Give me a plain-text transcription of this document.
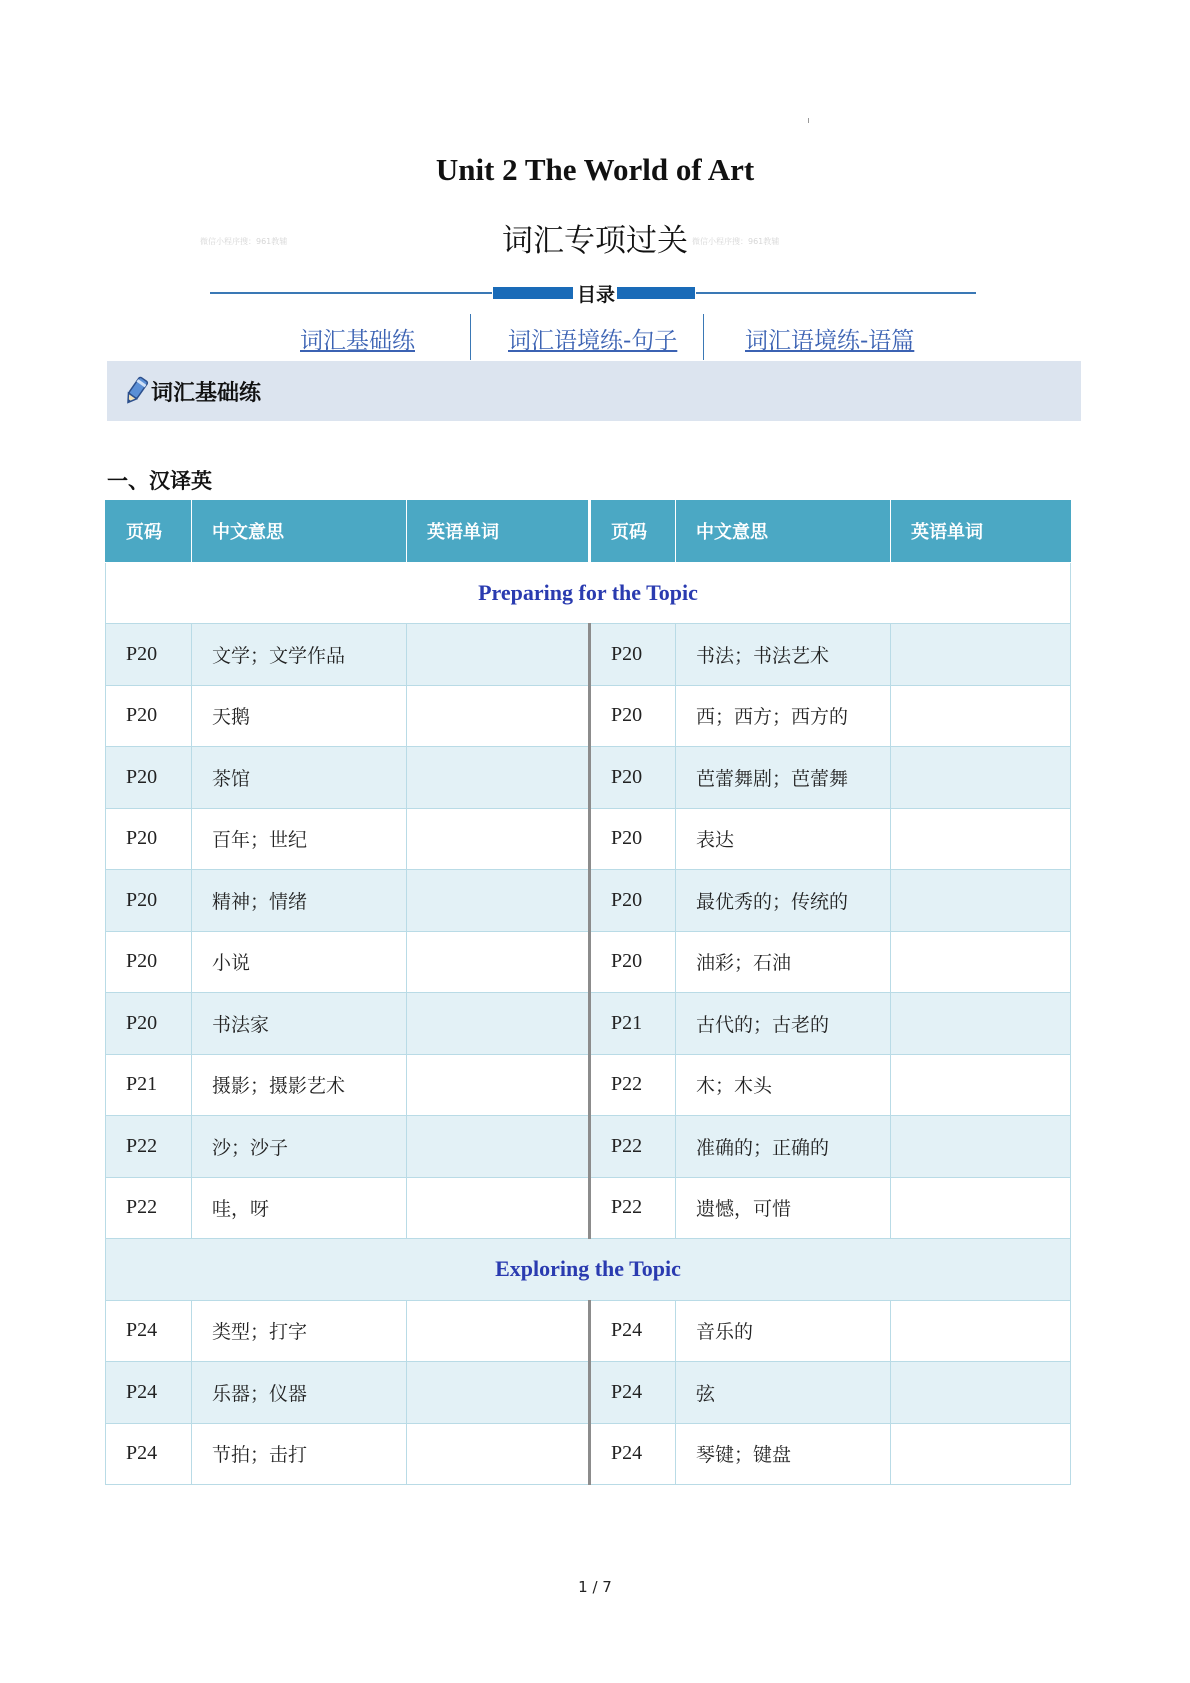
Unit 2 The World of Art
词汇专项过关
微信小程序搜：961教辅	微信小程序搜：961教辅
目录
词汇基础练	词汇语境练-句子	词汇语境练-语篇
词汇基础练
一、汉译英
页码	中文意思	英语单词	页码	中文意思	英语单词
Preparing for the Topic					
P20	文学；文学作品		P20	书法；书法艺术	
P20	天鹅		P20	西；西方；西方的	
P20	茶馆		P20	芭蕾舞剧；芭蕾舞	
P20	百年；世纪		P20	表达	
P20	精神；情绪		P20	最优秀的；传统的	
P20	小说		P20	油彩；石油	
P20	书法家		P21	古代的；古老的	
P21	摄影；摄影艺术		P22	木；木头	
P22	沙；沙子		P22	准确的；正确的	
P22	哇，呀		P22	遗憾，可惜	
Exploring the Topic					
P24	类型；打字		P24	音乐的	
P24	乐器；仪器		P24	弦	
P24	节拍；击打		P24	琴键；键盘	
1 / 7
